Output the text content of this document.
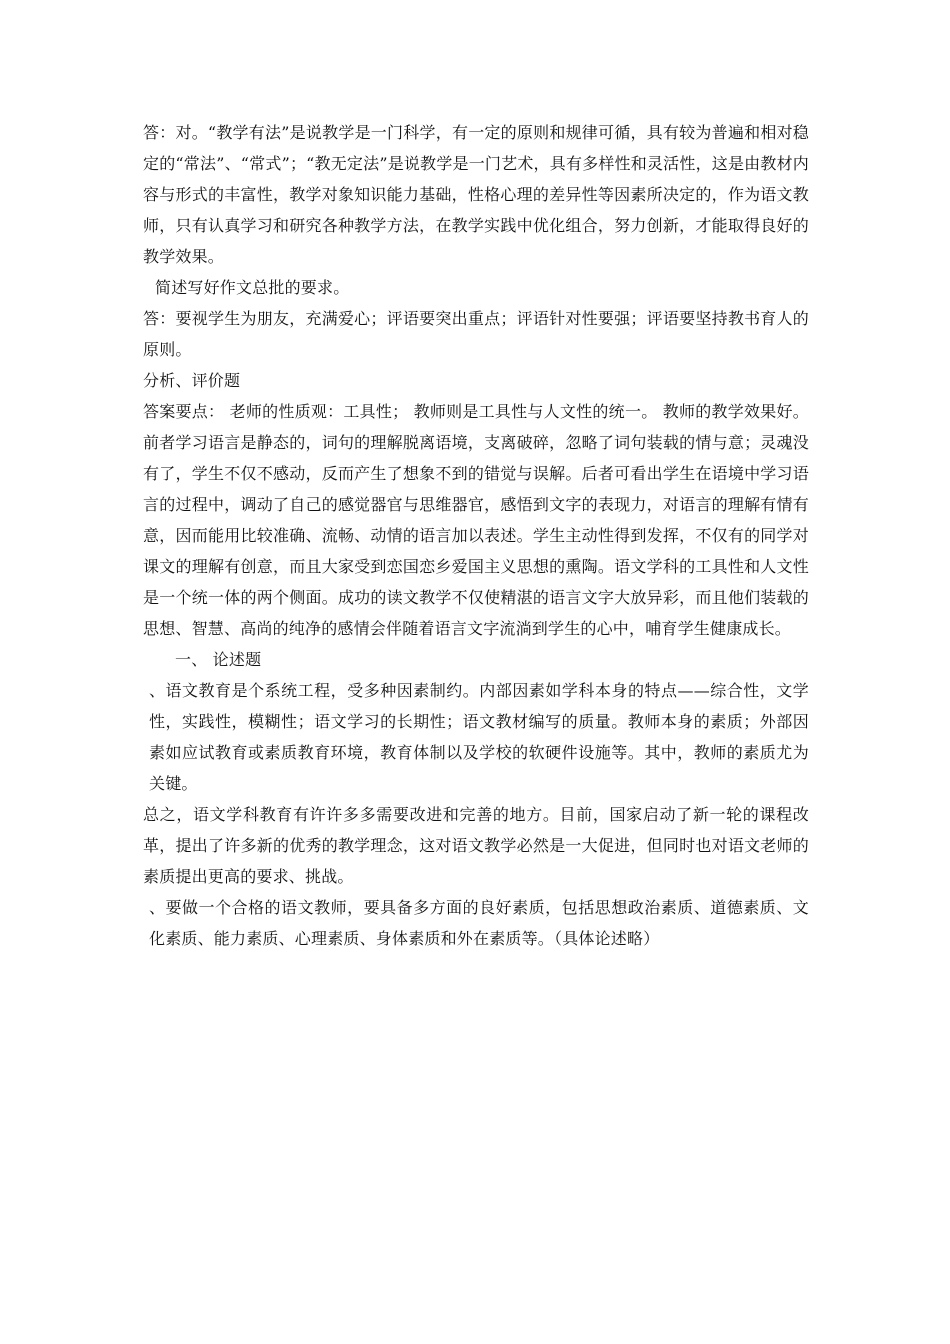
答：对。“教学有法”是说教学是一门科学，有一定的原则和规律可循，具有较为普遍和相对稳定的“常法”、“常式”；“教无定法”是说教学是一门艺术，具有多样性和灵活性，这是由教材内容与形式的丰富性，教学对象知识能力基础，性格心理的差异性等因素所决定的，作为语文教师，只有认真学习和研究各种教学方法，在教学实践中优化组合，努力创新，才能取得良好的教学效果。

简述写好作文总批的要求。

答：要视学生为朋友，充满爱心；评语要突出重点；评语针对性要强；评语要坚持教书育人的原则。

分析、评价题

答案要点： 老师的性质观：工具性； 教师则是工具性与人文性的统一。 教师的教学效果好。前者学习语言是静态的，词句的理解脱离语境，支离破碎，忽略了词句装载的情与意；灵魂没有了，学生不仅不感动，反而产生了想象不到的错觉与误解。后者可看出学生在语境中学习语言的过程中，调动了自己的感觉器官与思维器官，感悟到文字的表现力，对语言的理解有情有意，因而能用比较准确、流畅、动情的语言加以表述。学生主动性得到发挥，不仅有的同学对课文的理解有创意，而且大家受到恋国恋乡爱国主义思想的熏陶。语文学科的工具性和人文性是一个统一体的两个侧面。成功的读文教学不仅使精湛的语言文字大放异彩，而且他们装载的思想、智慧、高尚的纯净的感情会伴随着语言文字流淌到学生的心中，哺育学生健康成长。

一、 论述题

、语文教育是个系统工程，受多种因素制约。内部因素如学科本身的特点——综合性，文学性，实践性，模糊性；语文学习的长期性；语文教材编写的质量。教师本身的素质；外部因素如应试教育或素质教育环境，教育体制以及学校的软硬件设施等。其中，教师的素质尤为关键。

总之，语文学科教育有许许多多需要改进和完善的地方。目前，国家启动了新一轮的课程改革，提出了许多新的优秀的教学理念，这对语文教学必然是一大促进，但同时也对语文老师的素质提出更高的要求、挑战。

、要做一个合格的语文教师，要具备多方面的良好素质，包括思想政治素质、道德素质、文化素质、能力素质、心理素质、身体素质和外在素质等。（具体论述略）
